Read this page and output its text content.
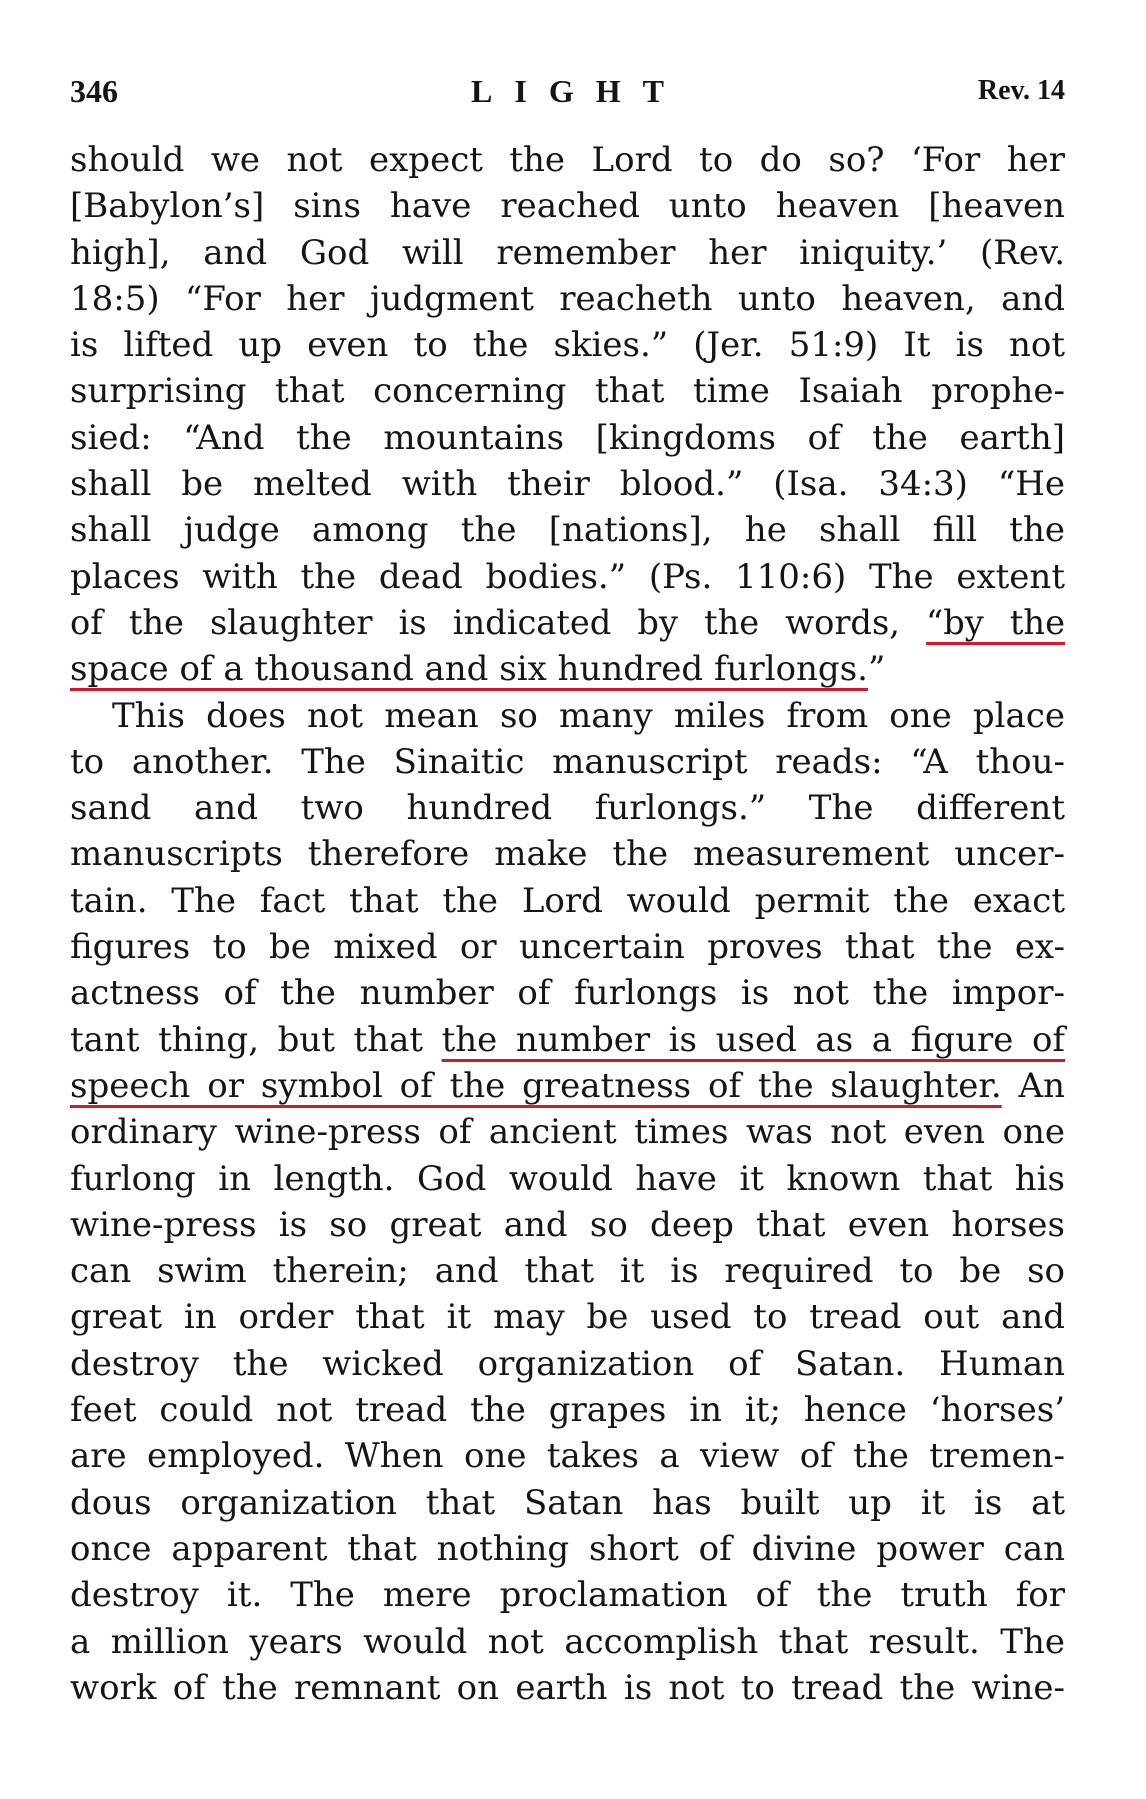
346	LIGHT	Rev. 14
should we not expect the Lord to do so? ‘For her
[Babylon’s] sins have reached unto heaven [heaven
high], and God will remember her iniquity.’ (Rev.
18:5) “For her judgment reacheth unto heaven, and
is lifted up even to the skies.” (Jer. 51:9) It is not
surprising that concerning that time Isaiah prophe-
sied: “And the mountains [kingdoms of the earth]
shall be melted with their blood.” (Isa. 34:3) “He
shall judge among the [nations], he shall fill the
places with the dead bodies.” (Ps. 110:6) The extent
of the slaughter is indicated by the words, “by the
space of a thousand and six hundred furlongs.”
This does not mean so many miles from one place
to another. The Sinaitic manuscript reads: “A thou-
sand and two hundred furlongs.” The different
manuscripts therefore make the measurement uncer-
tain. The fact that the Lord would permit the exact
figures to be mixed or uncertain proves that the ex-
actness of the number of furlongs is not the impor-
tant thing, but that the number is used as a figure of
speech or symbol of the greatness of the slaughter. An
ordinary wine-press of ancient times was not even one
furlong in length. God would have it known that his
wine-press is so great and so deep that even horses
can swim therein; and that it is required to be so
great in order that it may be used to tread out and
destroy the wicked organization of Satan. Human
feet could not tread the grapes in it; hence ‘horses’
are employed. When one takes a view of the tremen-
dous organization that Satan has built up it is at
once apparent that nothing short of divine power can
destroy it. The mere proclamation of the truth for
a million years would not accomplish that result. The
work of the remnant on earth is not to tread the wine-
